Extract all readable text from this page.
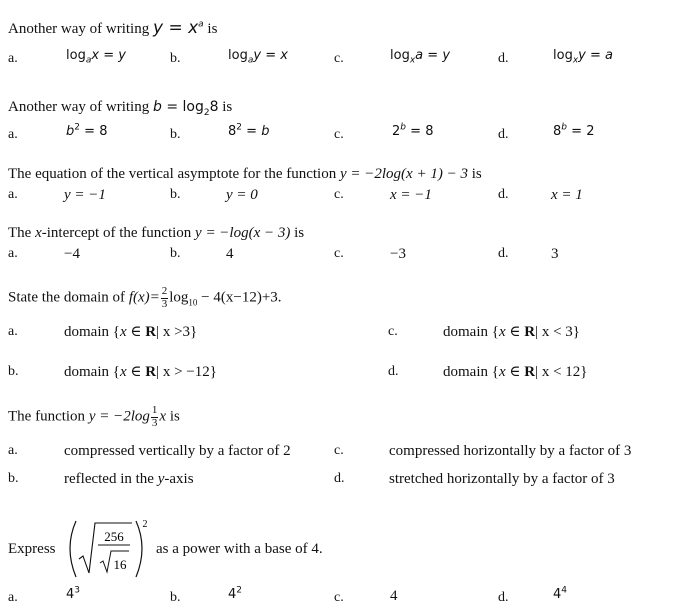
Another way of writing $y = x^a$ is
a.	$\log_ax = y$	b.	$\log_ay = x$	c.	$\log_xa = y$	d.	$\log_xy = a$
Another way of writing $b = \log_28$ is
a.	$b^2 = 8$	b.	$8^2 = b$	c.	$2^b = 8$	d.	$8^b = 2$
The equation of the vertical asymptote for the function y = −2log(x + 1) − 3 is
a.	y = −1	b.	y = 0	c.	x = −1	d.	x = 1
The x-intercept of the function y = −log(x − 3) is
a.	−4	b.	4	c.	−3	d.	3
State the domain of $f(x)= \frac{2}{3} \log_{10} - 4(x-12)+3$.
a.	domain {x ∈ R| x >3}	c.	domain {x ∈ R| x < 3}
b.	domain {x ∈ R| x > −12}	d.	domain {x ∈ R| x < 12}
The function $y = -2\log \frac{1}{3}$ x is
a.	compressed vertically by a factor of 2	c.	compressed horizontally by a factor of 3
b.	reflected in the y-axis	d.	stretched horizontally by a factor of 3
Express
256
16
2
as a power with a base of 4.
a.	$4^3$	b.	$4^2$	c.	4	d.	$4^4$
